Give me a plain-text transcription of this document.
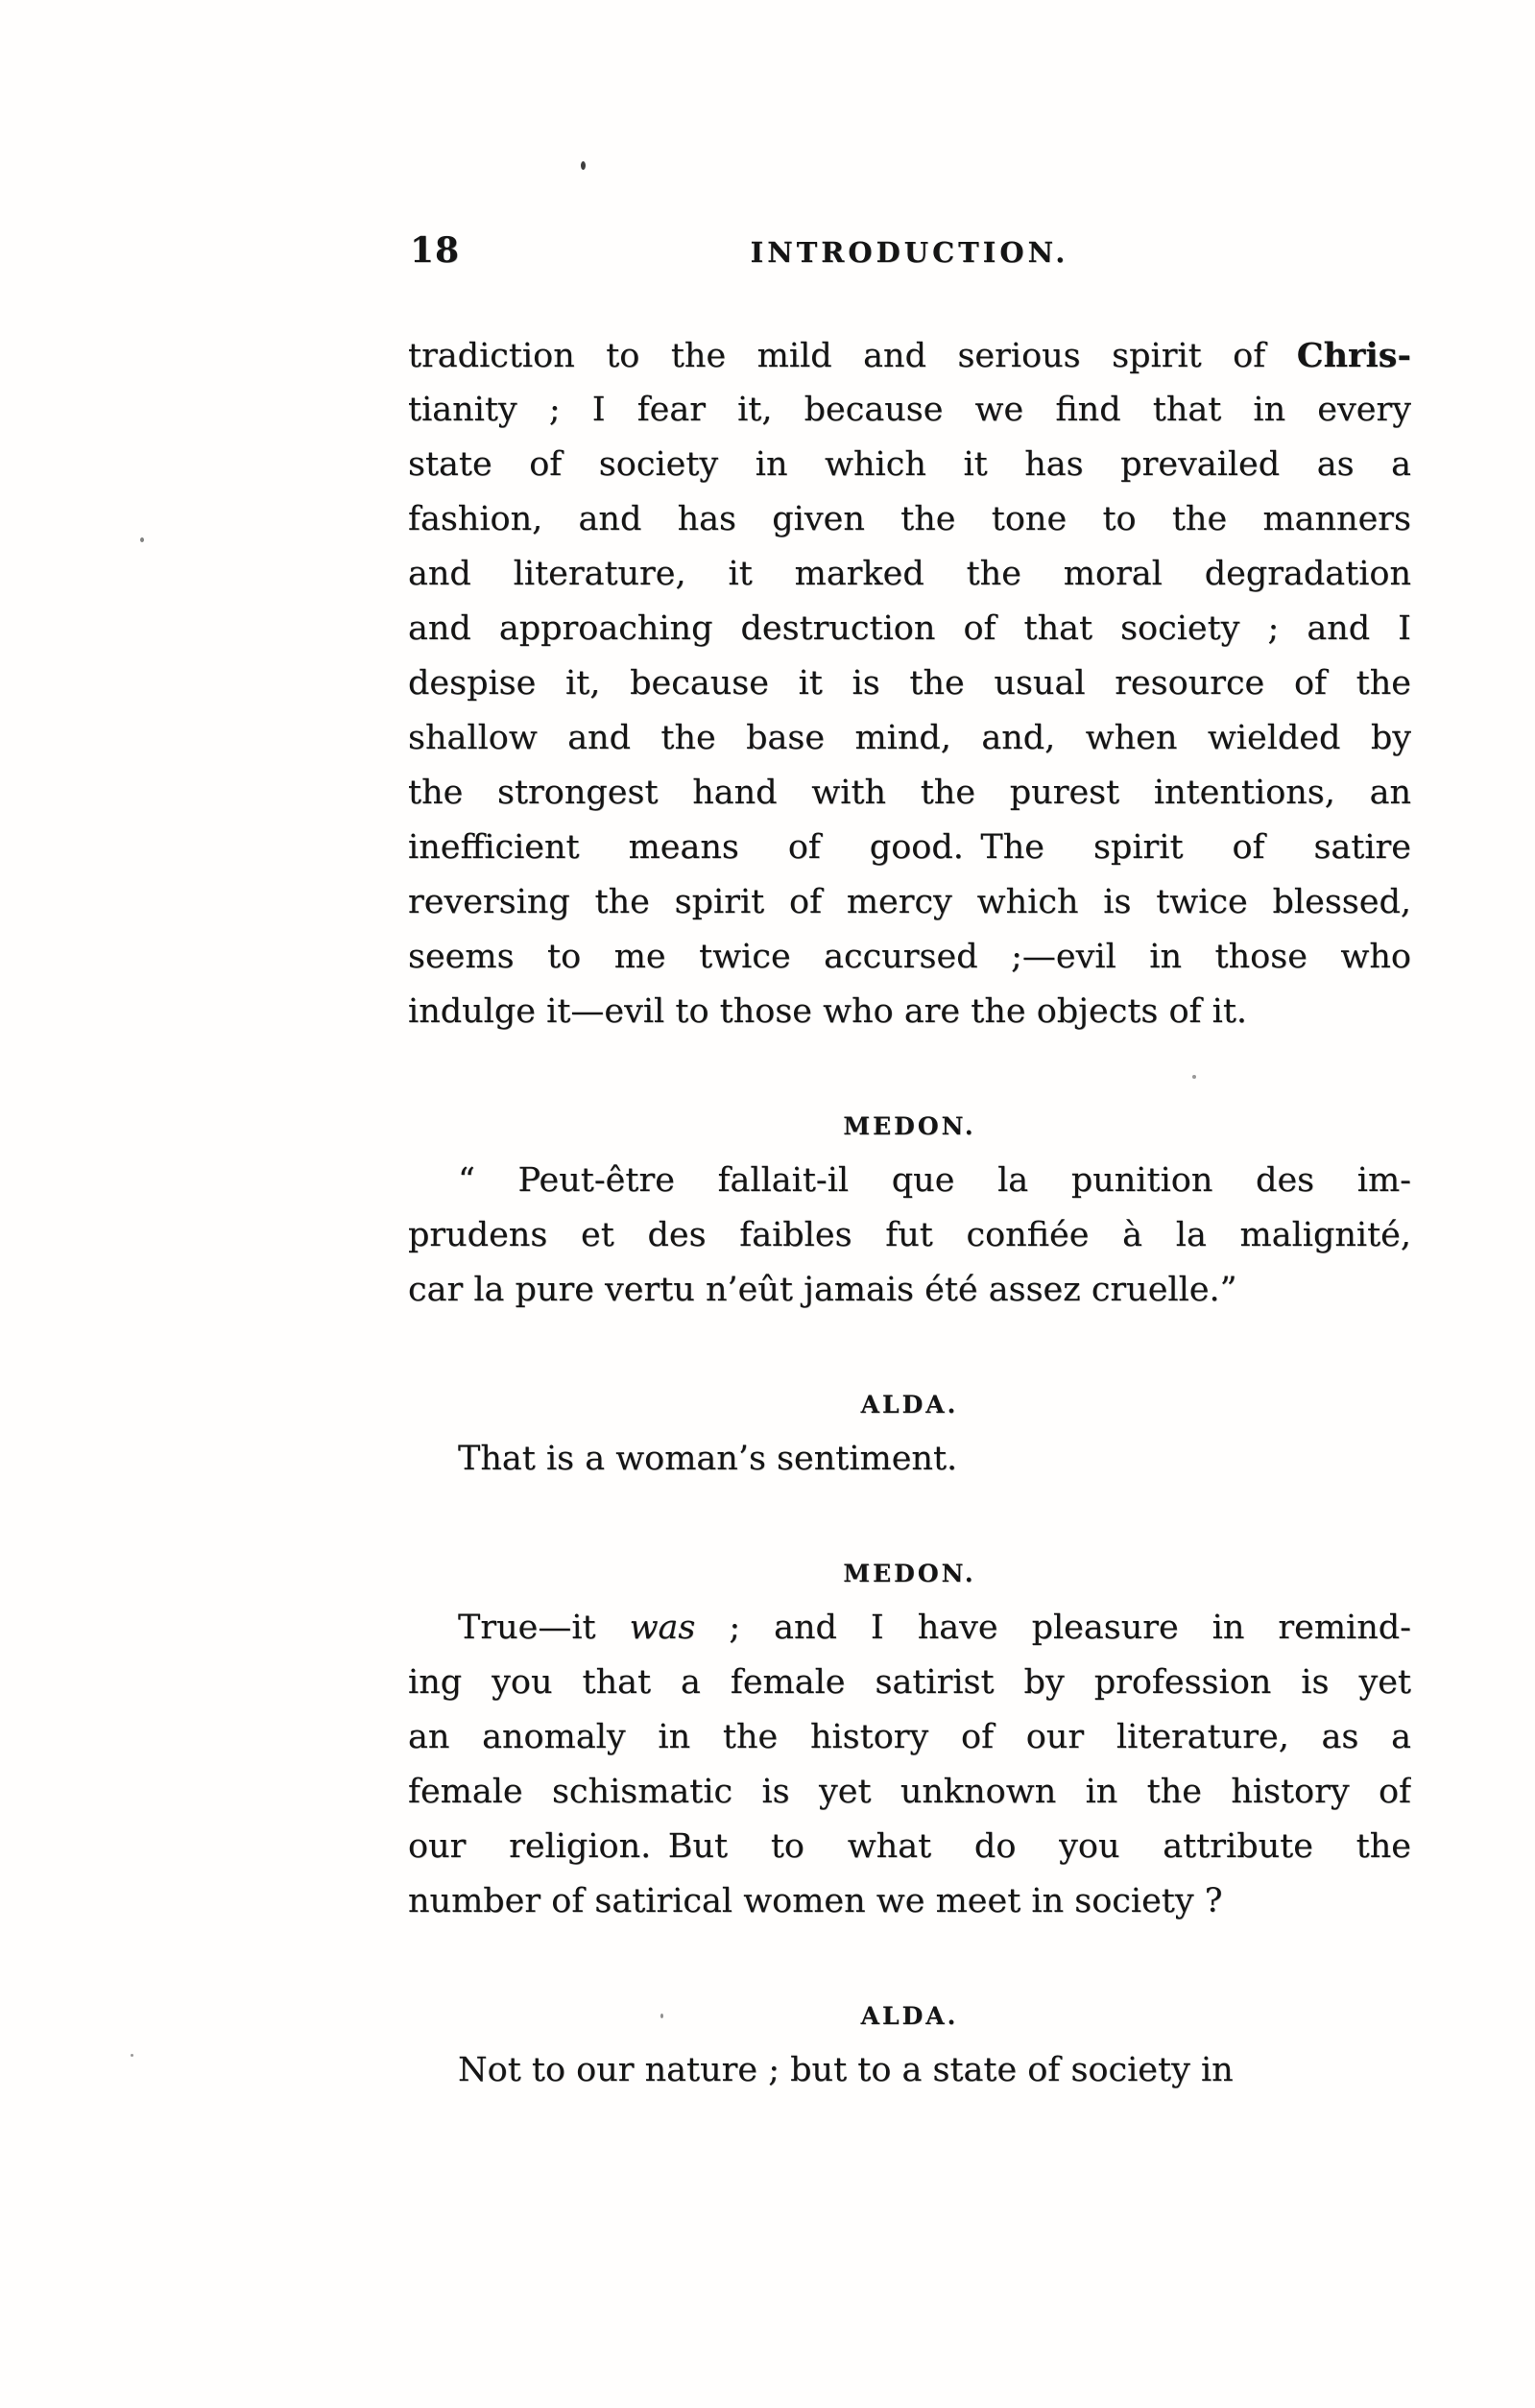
18	INTRODUCTION.
tradiction to the mild and serious spirit of Chris-
tianity ; I fear it, because we find that in every
state of society in which it has prevailed as a
fashion, and has given the tone to the manners
and literature, it marked the moral degradation
and approaching destruction of that society ; and I
despise it, because it is the usual resource of the
shallow and the base mind, and, when wielded by
the strongest hand with the purest intentions, an
inefficient means of good. The spirit of satire
reversing the spirit of mercy which is twice blessed,
seems to me twice accursed ;—evil in those who
indulge it—evil to those who are the objects of it.
MEDON.
“ Peut-être fallait-il que la punition des im-
prudens et des faibles fut confiée à la malignité,
car la pure vertu n’eût jamais été assez cruelle.”
ALDA.
That is a woman’s sentiment.
MEDON.
True—it was ; and I have pleasure in remind-
ing you that a female satirist by profession is yet
an anomaly in the history of our literature, as a
female schismatic is yet unknown in the history of
our religion. But to what do you attribute the
number of satirical women we meet in society ?
ALDA.
Not to our nature ; but to a state of society in
